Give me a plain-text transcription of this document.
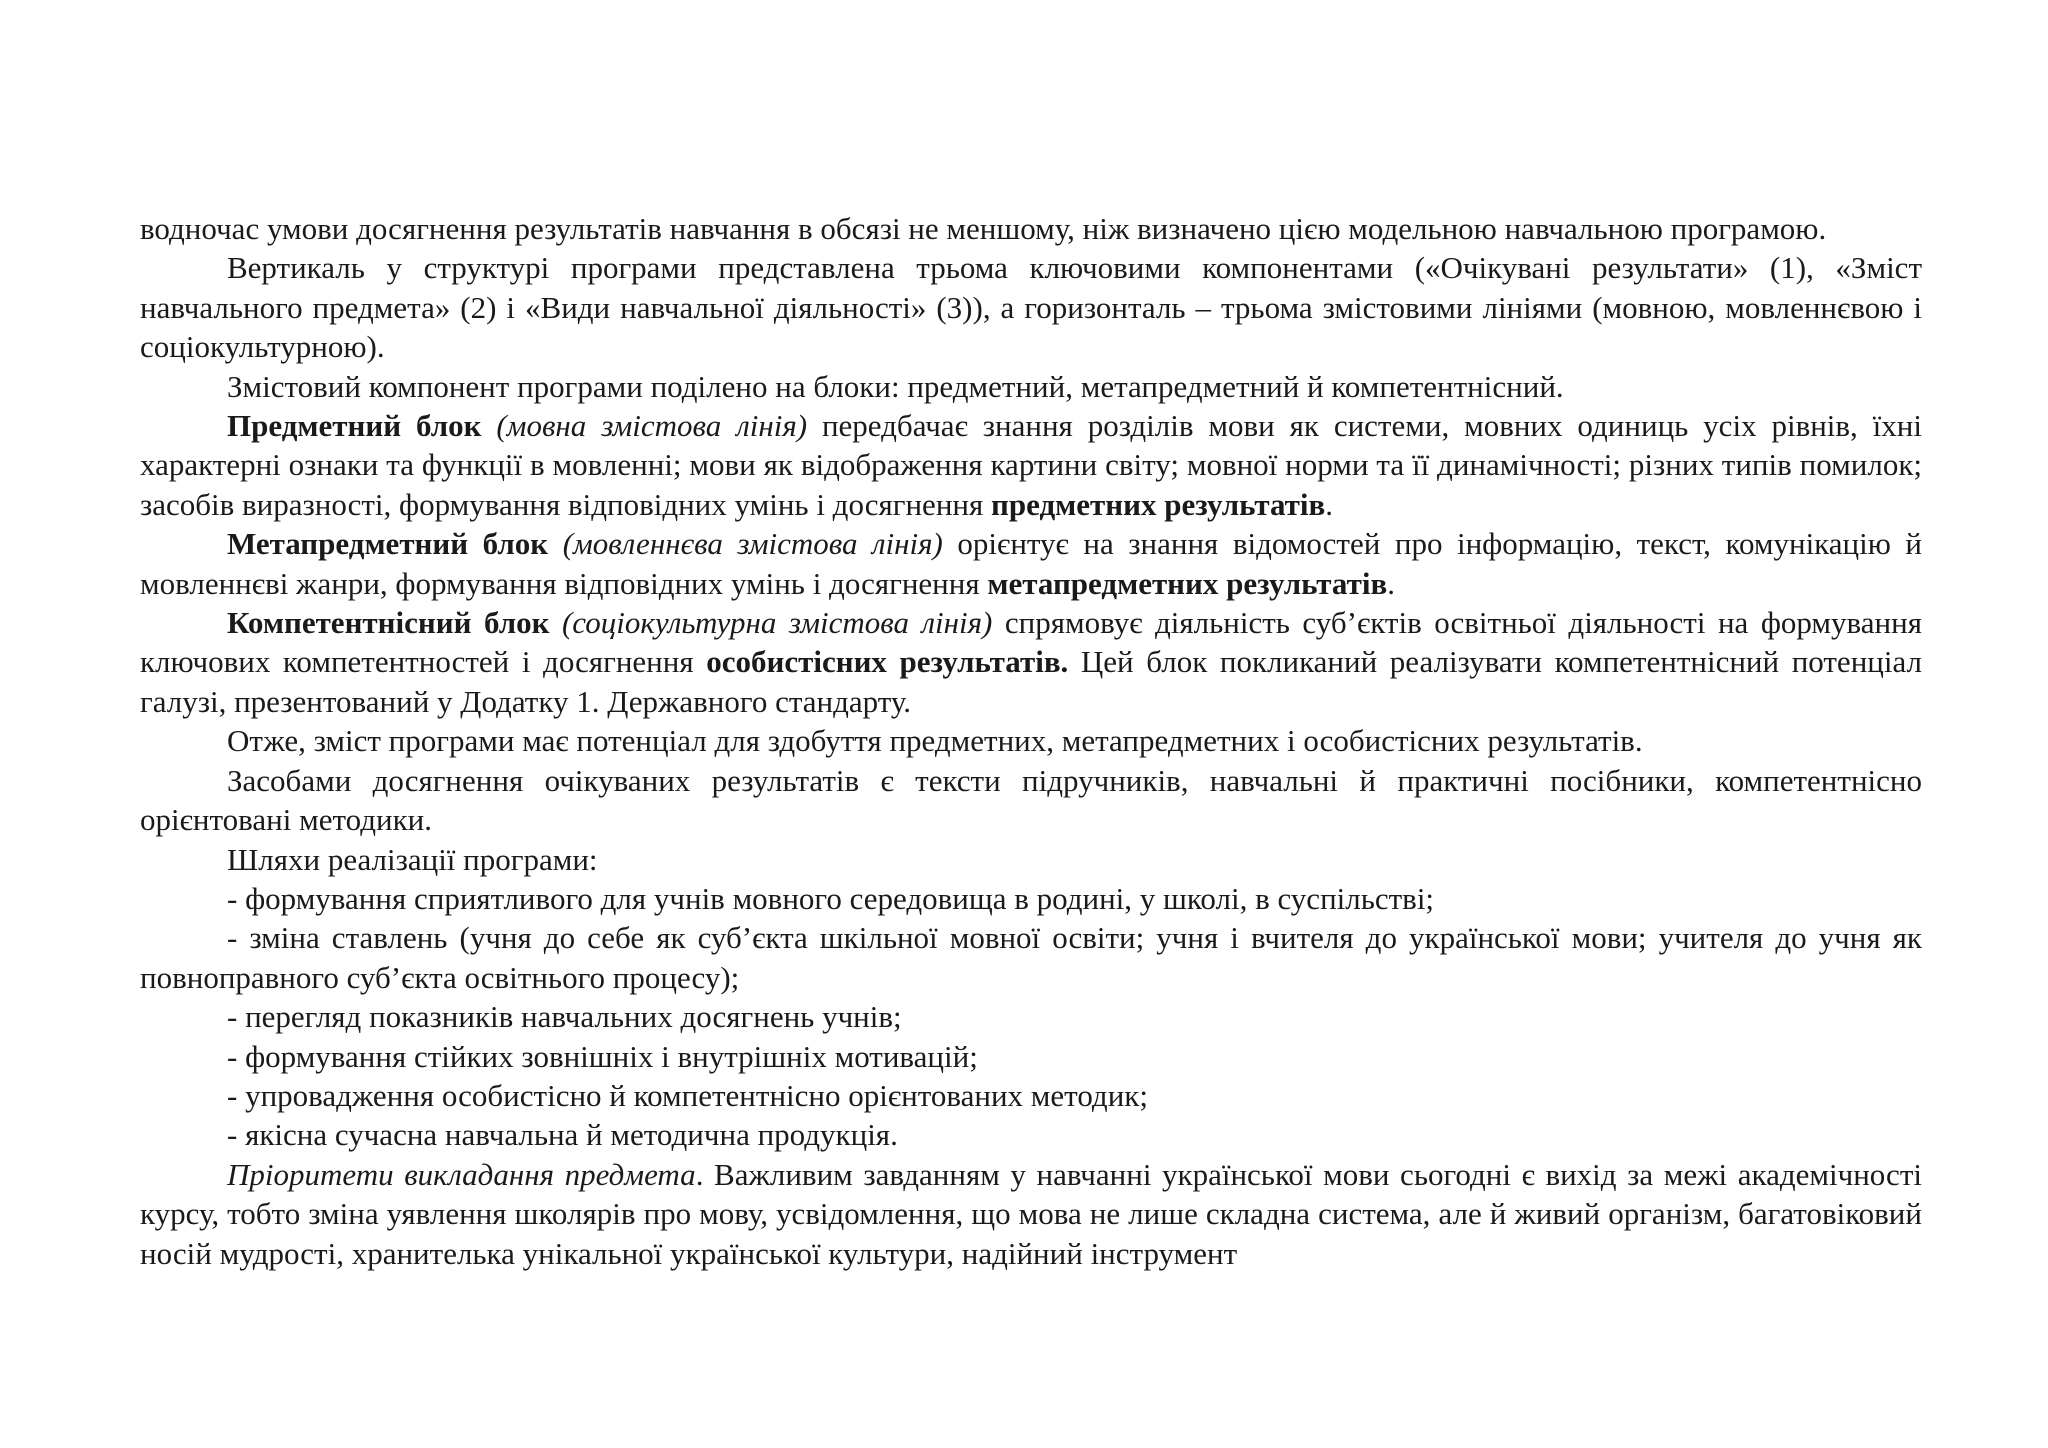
водночас умови досягнення результатів навчання в обсязі не меншому, ніж визначено цією модельною навчальною програмою.

Вертикаль у структурі програми представлена трьома ключовими компонентами («Очікувані результати» (1), «Зміст навчального предмета» (2) і «Види навчальної діяльності» (3)), а горизонталь – трьома змістовими лініями (мовною, мовленнєвою і соціокультурною).

Змістовий компонент програми поділено на блоки: предметний, метапредметний й компетентнісний.

Предметний блок (мовна змістова лінія) передбачає знання розділів мови як системи, мовних одиниць усіх рівнів, їхні характерні ознаки та функції в мовленні; мови як відображення картини світу; мовної норми та її динамічності; різних типів помилок; засобів виразності, формування відповідних умінь і досягнення предметних результатів.

Метапредметний блок (мовленнєва змістова лінія) орієнтує на знання відомостей про інформацію, текст, комунікацію й мовленнєві жанри, формування відповідних умінь і досягнення метапредметних результатів.

Компетентнісний блок (соціокультурна змістова лінія) спрямовує діяльність суб’єктів освітньої діяльності на формування ключових компетентностей і досягнення особистісних результатів. Цей блок покликаний реалізувати компетентнісний потенціал галузі, презентований у Додатку 1. Державного стандарту.

Отже, зміст програми має потенціал для здобуття предметних, метапредметних і особистісних результатів.

Засобами досягнення очікуваних результатів є тексти підручників, навчальні й практичні посібники, компетентнісно орієнтовані методики.

Шляхи реалізації програми:

- формування сприятливого для учнів мовного середовища в родині, у школі, в суспільстві;

- зміна ставлень (учня до себе як суб’єкта шкільної мовної освіти; учня і вчителя до української мови; учителя до учня як повноправного суб’єкта освітнього процесу);

- перегляд показників навчальних досягнень учнів;

- формування стійких зовнішніх і внутрішніх мотивацій;

- упровадження особистісно й компетентнісно орієнтованих методик;

- якісна сучасна навчальна й методична продукція.

Пріоритети викладання предмета. Важливим завданням у навчанні української мови сьогодні є вихід за межі академічності курсу, тобто зміна уявлення школярів про мову, усвідомлення, що мова не лише складна система, але й живий організм, багатовіковий носій мудрості, хранителька унікальної української культури, надійний інструмент
